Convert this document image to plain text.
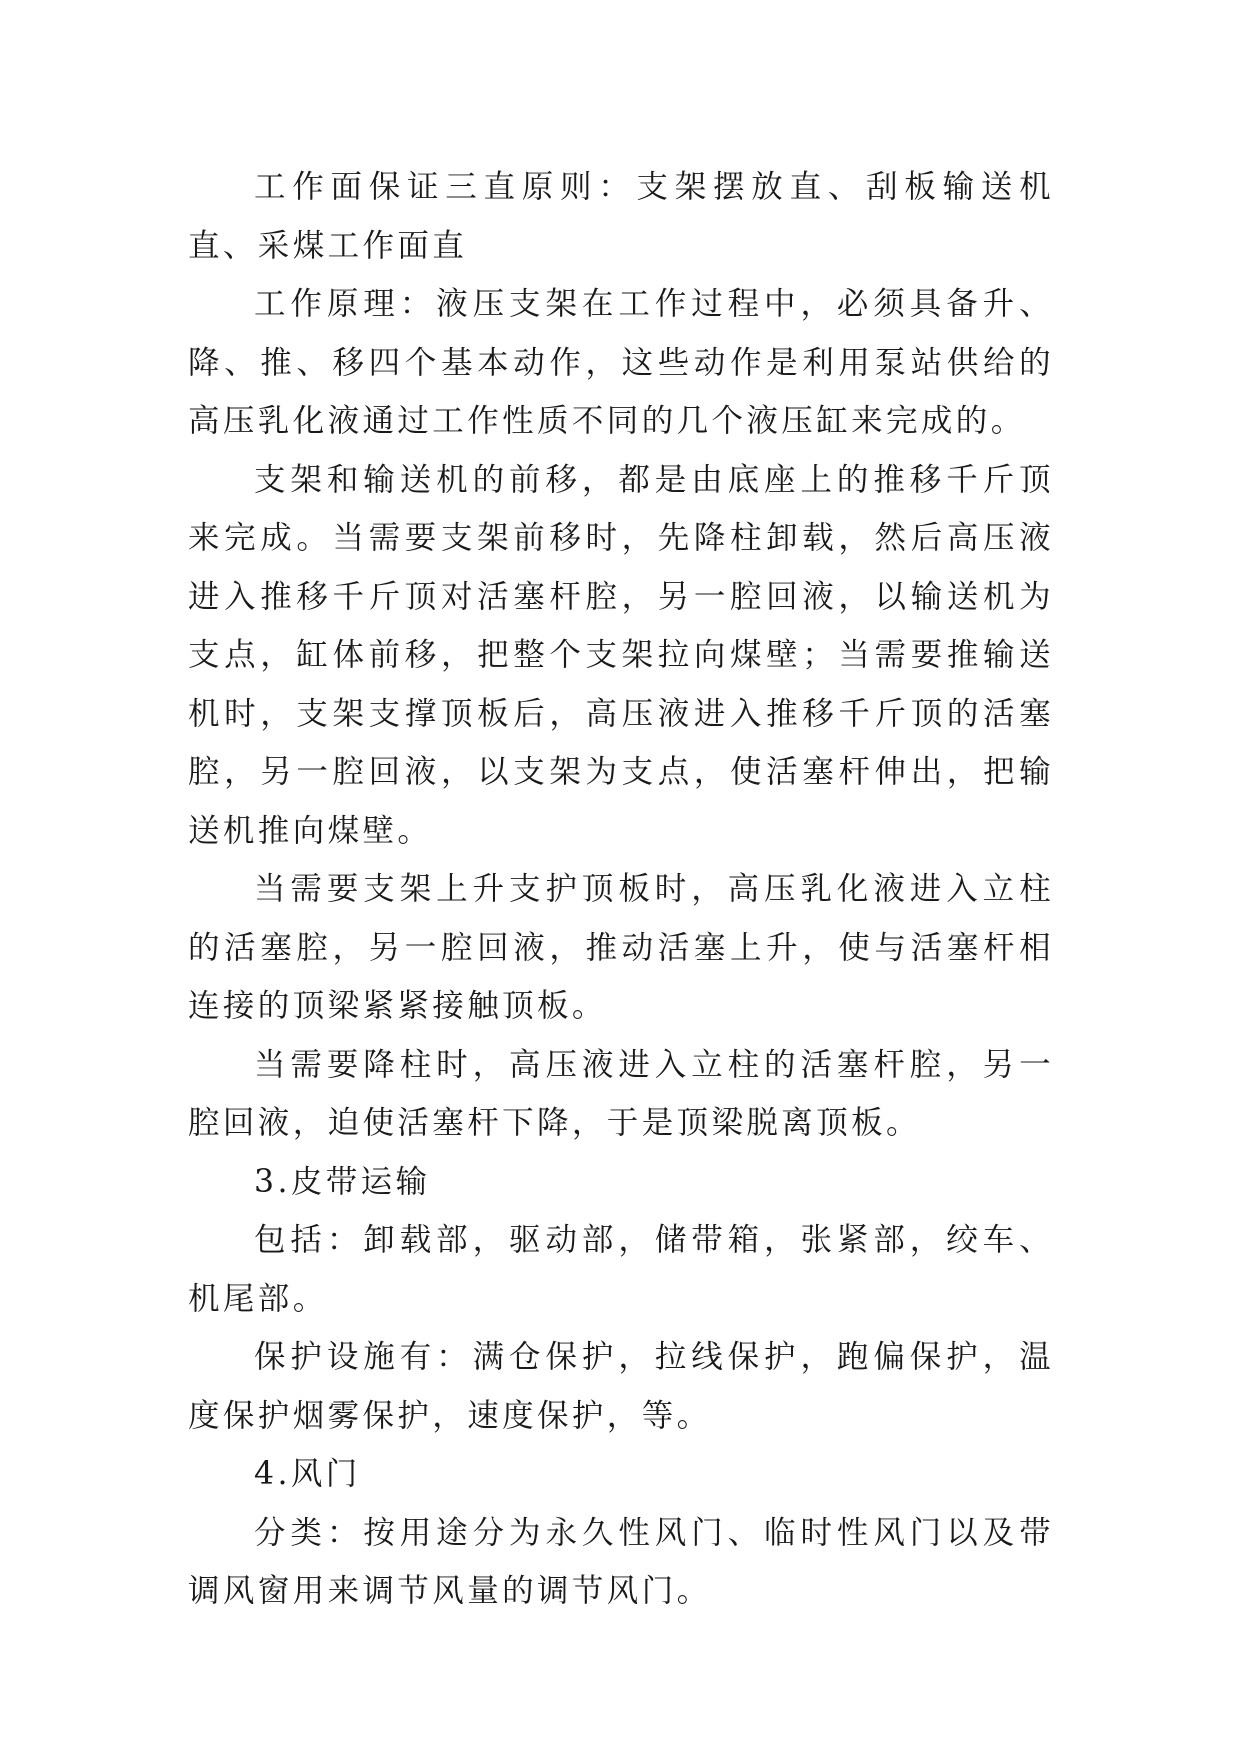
工作面保证三直原则：支架摆放直、刮板输送机直、采煤工作面直

工作原理：液压支架在工作过程中，必须具备升、降、推、移四个基本动作，这些动作是利用泵站供给的高压乳化液通过工作性质不同的几个液压缸来完成的。

支架和输送机的前移，都是由底座上的推移千斤顶来完成。当需要支架前移时，先降柱卸载，然后高压液进入推移千斤顶对活塞杆腔，另一腔回液，以输送机为支点，缸体前移，把整个支架拉向煤壁；当需要推输送机时，支架支撑顶板后，高压液进入推移千斤顶的活塞腔，另一腔回液，以支架为支点，使活塞杆伸出，把输送机推向煤壁。

当需要支架上升支护顶板时，高压乳化液进入立柱的活塞腔，另一腔回液，推动活塞上升，使与活塞杆相连接的顶梁紧紧接触顶板。

当需要降柱时，高压液进入立柱的活塞杆腔，另一腔回液，迫使活塞杆下降，于是顶梁脱离顶板。

3.皮带运输

包括：卸载部，驱动部，储带箱，张紧部，绞车、机尾部。

保护设施有：满仓保护，拉线保护，跑偏保护，温度保护烟雾保护，速度保护，等。

4.风门

分类：按用途分为永久性风门、临时性风门以及带调风窗用来调节风量的调节风门。
